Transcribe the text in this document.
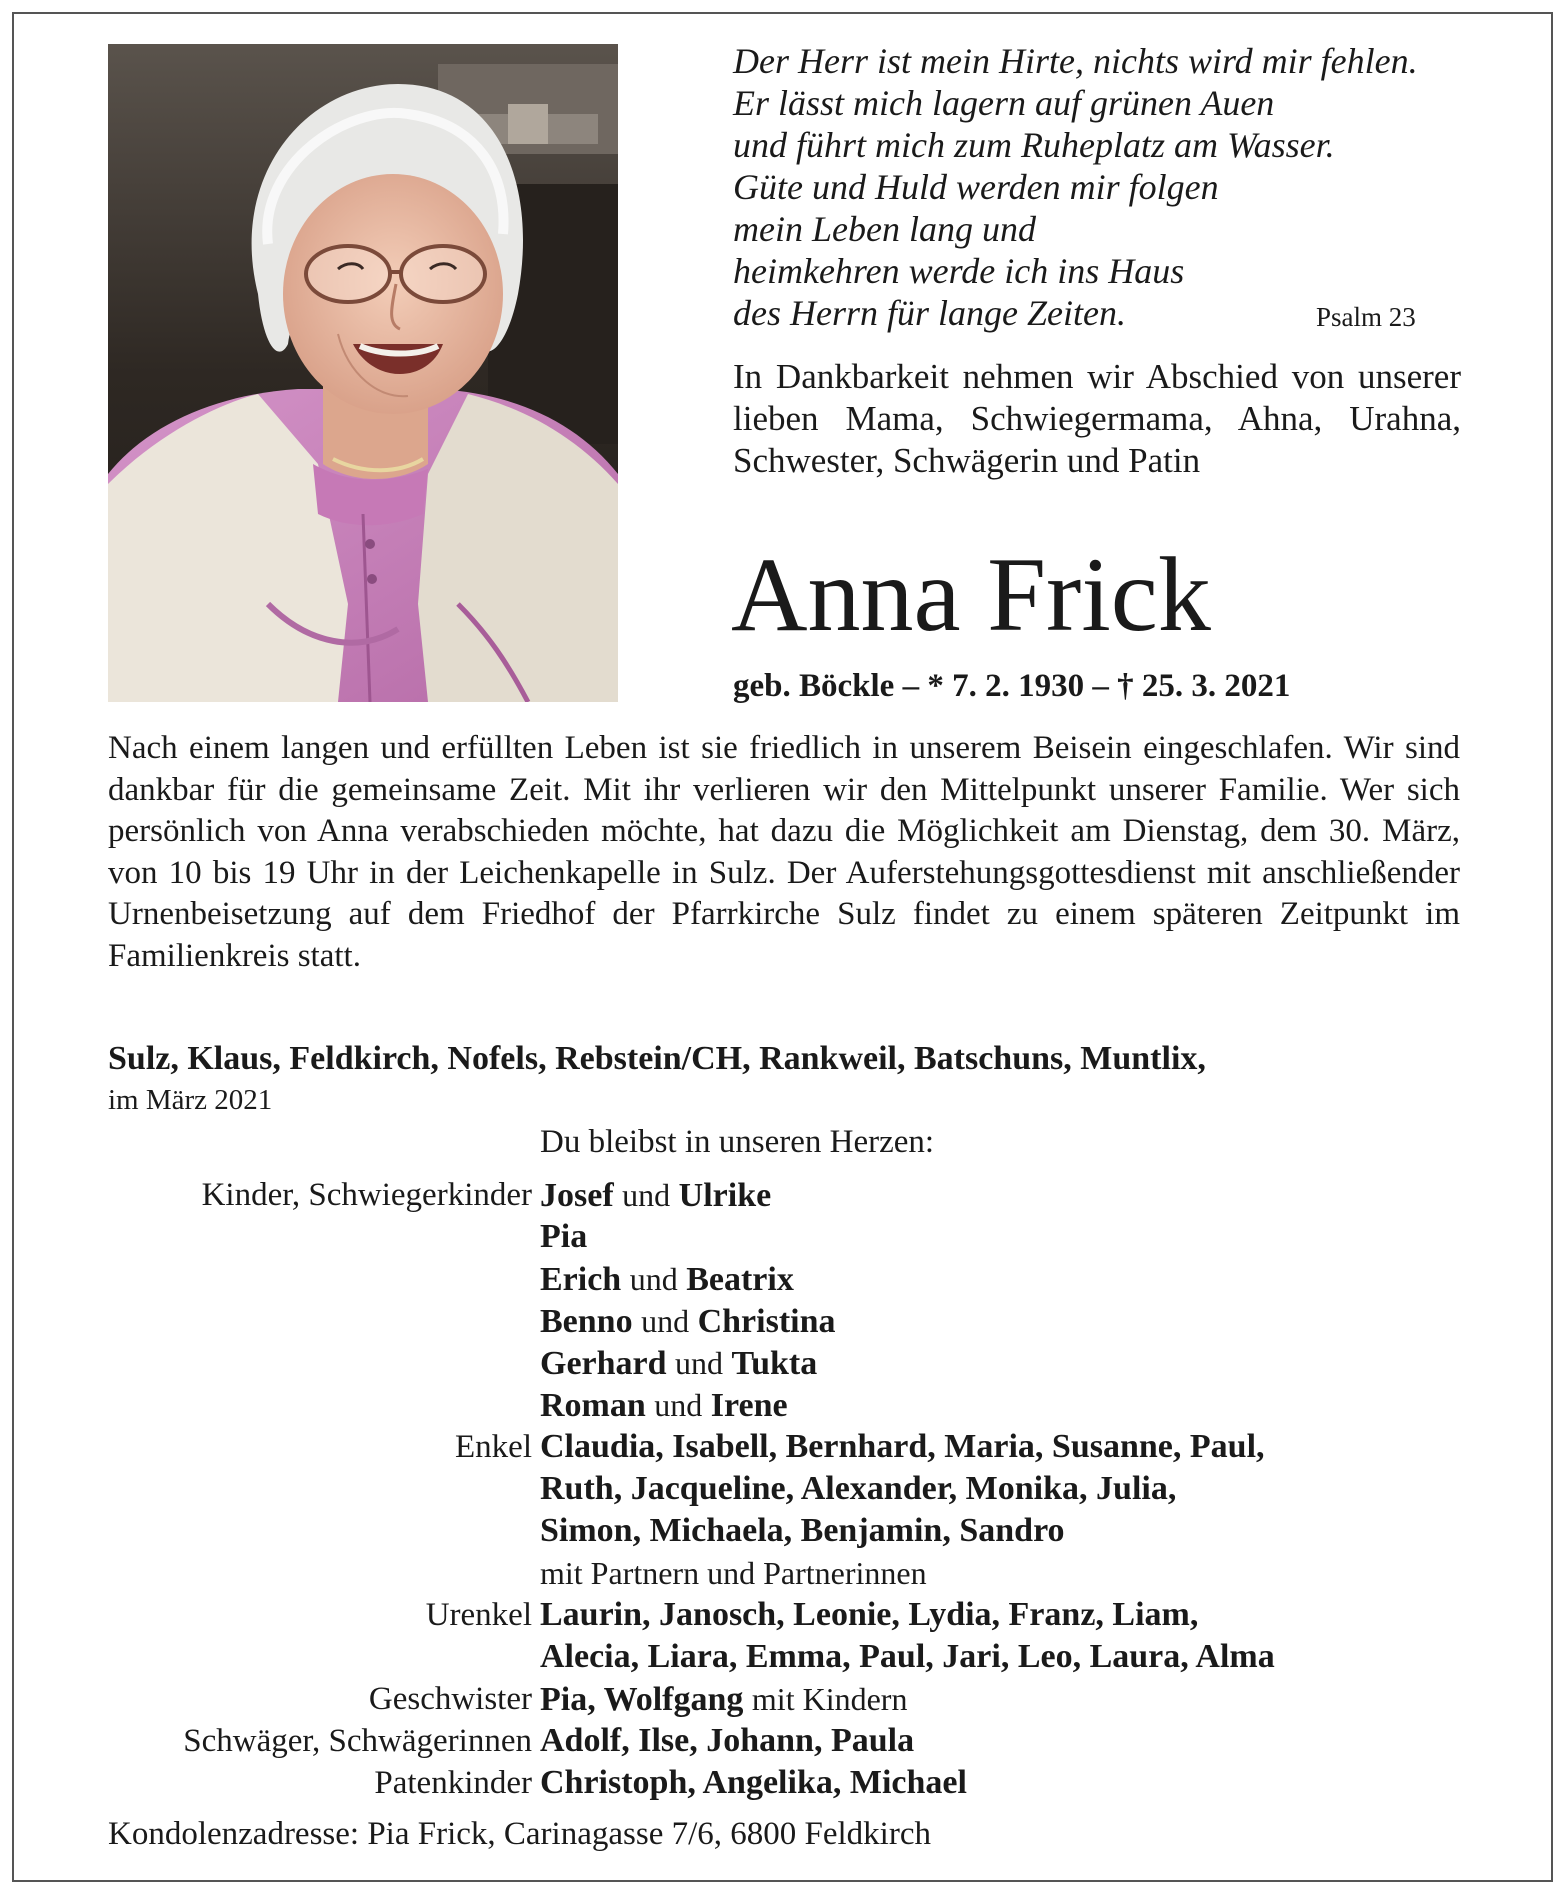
Der Herr ist mein Hirte, nichts wird mir fehlen.
Er lässt mich lagern auf grünen Auen
und führt mich zum Ruheplatz am Wasser.
Güte und Huld werden mir folgen
mein Leben lang und
heimkehren werde ich ins Haus
des Herrn für lange Zeiten.	Psalm 23
In Dankbarkeit nehmen wir Abschied von unserer lieben Mama, Schwiegermama, Ahna, Urahna, Schwester, Schwägerin und Patin
Anna Frick
geb. Böckle – * 7. 2. 1930 – † 25. 3. 2021
Nach einem langen und erfüllten Leben ist sie friedlich in unserem Beisein eingeschlafen. Wir sind dankbar für die gemeinsame Zeit. Mit ihr verlieren wir den Mittelpunkt unserer Familie. Wer sich persönlich von Anna verabschieden möchte, hat dazu die Möglichkeit am Dienstag, dem 30. März, von 10 bis 19 Uhr in der Leichenkapelle in Sulz. Der Auferstehungsgottesdienst mit anschließender Urnenbeisetzung auf dem Friedhof der Pfarrkirche Sulz findet zu einem späteren Zeitpunkt im Familienkreis statt.
Sulz, Klaus, Feldkirch, Nofels, Rebstein/CH, Rankweil, Batschuns, Muntlix,
im März 2021
Du bleibst in unseren Herzen:
Kinder, Schwiegerkinder Josef und Ulrike
Pia
Erich und Beatrix
Benno und Christina
Gerhard und Tukta
Roman und Irene
Enkel Claudia, Isabell, Bernhard, Maria, Susanne, Paul,
Ruth, Jacqueline, Alexander, Monika, Julia,
Simon, Michaela, Benjamin, Sandro
mit Partnern und Partnerinnen
Urenkel Laurin, Janosch, Leonie, Lydia, Franz, Liam,
Alecia, Liara, Emma, Paul, Jari, Leo, Laura, Alma
Geschwister Pia, Wolfgang mit Kindern
Schwäger, Schwägerinnen Adolf, Ilse, Johann, Paula
Patenkinder Christoph, Angelika, Michael
Kondolenzadresse: Pia Frick, Carinagasse 7/6, 6800 Feldkirch
